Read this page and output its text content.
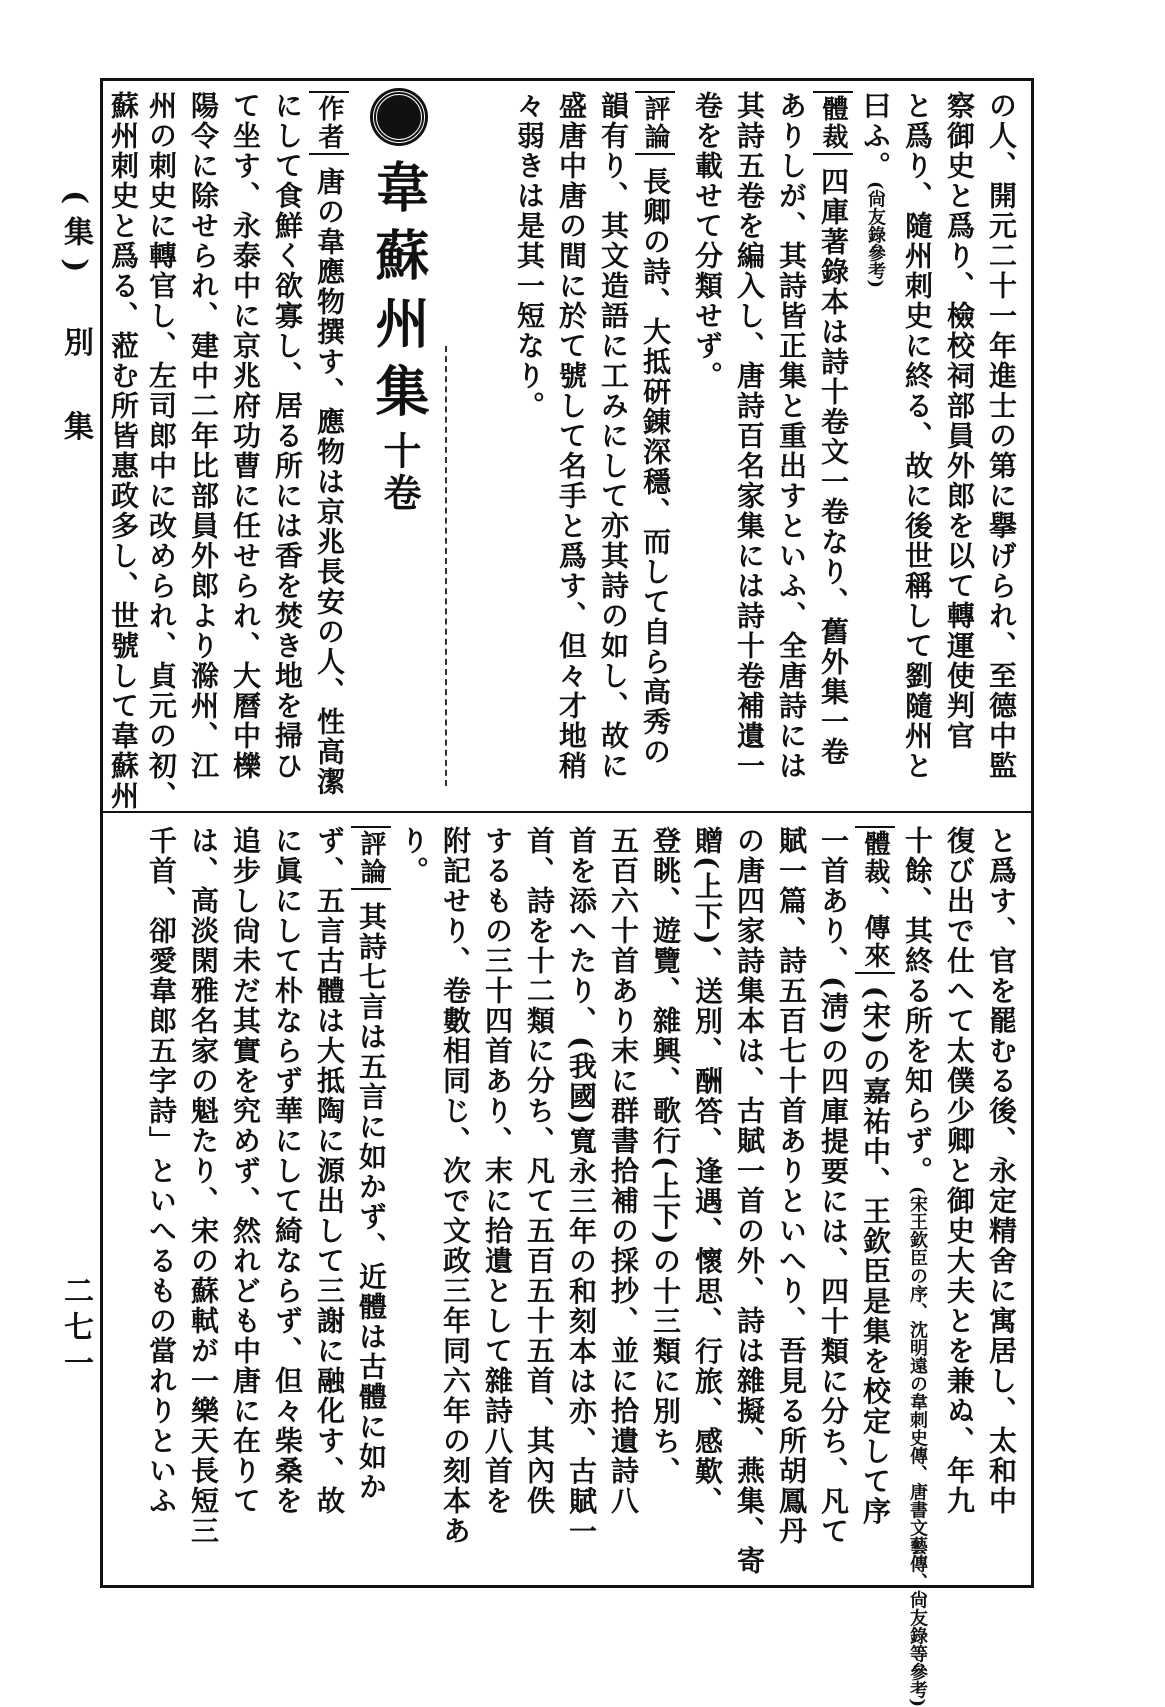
(集)　別　集
二七一
の人、開元二十一年進士の第に擧げられ、至德中監
察御史と爲り、檢校祠部員外郎を以て轉運使判官
と爲り、隨州刺史に終る、故に後世稱して劉隨州と
曰ふ。(尙友錄參考)
體裁 四庫著錄本は詩十卷文一卷なり、舊外集一卷
ありしが、其詩皆正集と重出すといふ、全唐詩には
其詩五卷を編入し、唐詩百名家集には詩十卷補遺一
卷を載せて分類せず。
評論 長卿の詩、大抵硏錬深穩、而して自ら高秀の
韻有り、其文造語に工みにして亦其詩の如し、故に
盛唐中唐の間に於て號して名手と爲す、但々才地稍
々弱きは是其一短なり。
韋蘇州集十卷
作者 唐の韋應物撰す、應物は京兆長安の人、性高潔
にして食鮮く欲寡し、居る所には香を焚き地を掃ひ
て坐す、永泰中に京兆府功曹に任せられ、大曆中櫟
陽令に除せられ、建中二年比部員外郎より滁州、江
州の刺史に轉官し、左司郎中に改められ、貞元の初、
蘇州刺史と爲る、蒞む所皆惠政多し、世號して韋蘇州
と爲す、官を罷むる後、永定精舍に寓居し、太和中
復び出で仕へて太僕少卿と御史大夫とを兼ぬ、年九
十餘、其終る所を知らず。(宋王欽臣の序、沈明遠の韋刺史傳、唐書文藝傳、尙友錄等參考)
體裁、傳來 (宋)の嘉祐中、王欽臣是集を校定して序
一首あり、(淸)の四庫提要には、四十類に分ち、凡て
賦一篇、詩五百七十首ありといへり、吾見る所胡鳳丹
の唐四家詩集本は、古賦一首の外、詩は雜擬、燕集、寄
贈(上下)、送別、酬答、逢遇、懷思、行旅、感歎、
登眺、遊覽、雜興、歌行(上下)の十三類に別ち、
五百六十首あり末に群書拾補の採抄、並に拾遺詩八
首を添へたり、(我國)寬永三年の和刻本は亦、古賦一
首、詩を十二類に分ち、凡て五百五十五首、其內佚
するもの三十四首あり、末に拾遺として雜詩八首を
附記せり、卷數相同じ、次で文政三年同六年の刻本あ
り。
評論 其詩七言は五言に如かず、近體は古體に如か
ず、五言古體は大抵陶に源出して三謝に融化す、故
に眞にして朴ならず華にして綺ならず、但々柴桑を
追步し尙未だ其實を究めず、然れども中唐に在りて
は、高淡閑雅名家の魁たり、宋の蘇軾が一樂天長短三
千首、卻愛韋郎五字詩」といへるもの當れりといふ
